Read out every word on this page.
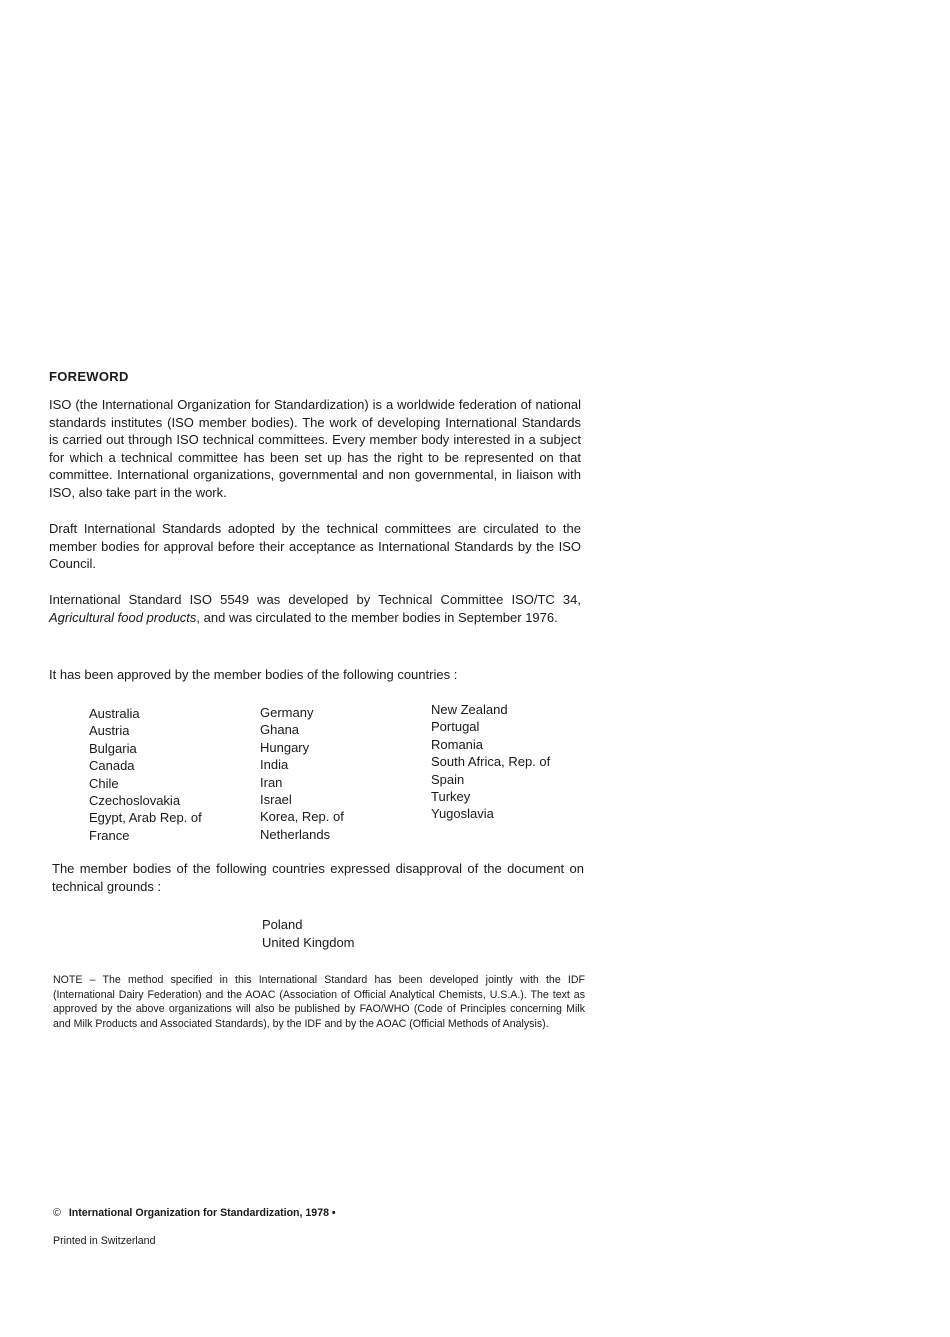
FOREWORD
ISO (the International Organization for Standardization) is a worldwide federation of national standards institutes (ISO member bodies). The work of developing International Standards is carried out through ISO technical committees. Every member body interested in a subject for which a technical committee has been set up has the right to be represented on that committee. International organizations, governmental and non governmental, in liaison with ISO, also take part in the work.
Draft International Standards adopted by the technical committees are circulated to the member bodies for approval before their acceptance as International Standards by the ISO Council.
International Standard ISO 5549 was developed by Technical Committee ISO/TC 34, Agricultural food products, and was circulated to the member bodies in September 1976.
It has been approved by the member bodies of the following countries :
Australia
Austria
Bulgaria
Canada
Chile
Czechoslovakia
Egypt, Arab Rep. of
France
Germany
Ghana
Hungary
India
Iran
Israel
Korea, Rep. of
Netherlands
New Zealand
Portugal
Romania
South Africa, Rep. of
Spain
Turkey
Yugoslavia
The member bodies of the following countries expressed disapproval of the document on technical grounds :
Poland
United Kingdom
NOTE – The method specified in this International Standard has been developed jointly with the IDF (International Dairy Federation) and the AOAC (Association of Official Analytical Chemists, U.S.A.). The text as approved by the above organizations will also be published by FAO/WHO (Code of Principles concerning Milk and Milk Products and Associated Standards), by the IDF and by the AOAC (Official Methods of Analysis).
© International Organization for Standardization, 1978 •
Printed in Switzerland
